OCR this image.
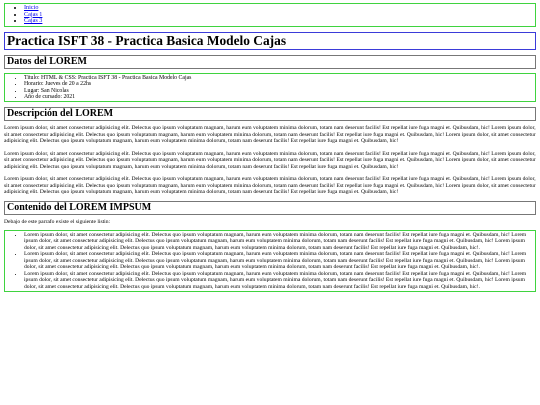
• Inicio
• Cajas 1
• Cajas 3
Practica ISFT 38 - Practica Basica Modelo Cajas
Datos del LOREM
• Titulo: HTML & CSS: Practica ISFT 38 - Practica Basica Modelo Cajas
• Horario: Jueves de 20 a 22hs
• Lugar: San Nicolas
• Año de cursado: 2021
Descripción del LOREM

Lorem ipsum dolor, sit amet consectetur adipisicing elit. Delectus quo ipsum voluptatum magnam, harum eum voluptatem minima dolorum, totam nam deserunt facilis! Est repellat iure fuga magni et. Quibusdam, hic! Lorem ipsum dolor, sit amet consectetur adipisicing elit. Delectus quo ipsum voluptatum magnam, harum eum voluptatem minima dolorum, totam nam deserunt facilis! Est repellat iure fuga magni et. Quibusdam, hic! Lorem ipsum dolor, sit amet consectetur adipisicing elit. Delectus quo ipsum voluptatum magnam, harum eum voluptatem minima dolorum, totam nam deserunt facilis! Est repellat iure fuga magni et. Quibusdam, hic!

Lorem ipsum dolor, sit amet consectetur adipisicing elit. Delectus quo ipsum voluptatum magnam, harum eum voluptatem minima dolorum, totam nam deserunt facilis! Est repellat iure fuga magni et. Quibusdam, hic! Lorem ipsum dolor, sit amet consectetur adipisicing elit. Delectus quo ipsum voluptatum magnam, harum eum voluptatem minima dolorum, totam nam deserunt facilis! Est repellat iure fuga magni et. Quibusdam, hic! Lorem ipsum dolor, sit amet consectetur adipisicing elit. Delectus quo ipsum voluptatum magnam, harum eum voluptatem minima dolorum, totam nam deserunt facilis! Est repellat iure fuga magni et. Quibusdam, hic!

Lorem ipsum dolor, sit amet consectetur adipisicing elit. Delectus quo ipsum voluptatum magnam, harum eum voluptatem minima dolorum, totam nam deserunt facilis! Est repellat iure fuga magni et. Quibusdam, hic! Lorem ipsum dolor, sit amet consectetur adipisicing elit. Delectus quo ipsum voluptatum magnam, harum eum voluptatem minima dolorum, totam nam deserunt facilis! Est repellat iure fuga magni et. Quibusdam, hic! Lorem ipsum dolor, sit amet consectetur adipisicing elit. Delectus quo ipsum voluptatum magnam, harum eum voluptatem minima dolorum, totam nam deserunt facilis! Est repellat iure fuga magni et. Quibusdam, hic!

Contenido del LOREM IMPSUM

Debajo de este parrafo existe el siguiente listin:

• Lorem ipsum dolor, sit amet consectetur adipisicing elit. Delectus quo ipsum voluptatum magnam, harum eum voluptatem minima dolorum, totam nam deserunt facilis! Est repellat iure fuga magni et. Quibusdam, hic! Lorem ipsum dolor, sit amet consectetur adipisicing elit. Delectus quo ipsum voluptatum magnam, harum eum voluptatem minima dolorum, totam nam deserunt facilis! Est repellat iure fuga magni et. Quibusdam, hic! Lorem ipsum dolor, sit amet consectetur adipisicing elit. Delectus quo ipsum voluptatum magnam, harum eum voluptatem minima dolorum, totam nam deserunt facilis! Est repellat iure fuga magni et. Quibusdam, hic!.
• Lorem ipsum dolor, sit amet consectetur adipisicing elit. Delectus quo ipsum voluptatum magnam, harum eum voluptatem minima dolorum, totam nam deserunt facilis! Est repellat iure fuga magni et. Quibusdam, hic! Lorem ipsum dolor, sit amet consectetur adipisicing elit. Delectus quo ipsum voluptatum magnam, harum eum voluptatem minima dolorum, totam nam deserunt facilis! Est repellat iure fuga magni et. Quibusdam, hic! Lorem ipsum dolor, sit amet consectetur adipisicing elit. Delectus quo ipsum voluptatum magnam, harum eum voluptatem minima dolorum, totam nam deserunt facilis! Est repellat iure fuga magni et. Quibusdam, hic!.
• Lorem ipsum dolor, sit amet consectetur adipisicing elit. Delectus quo ipsum voluptatum magnam, harum eum voluptatem minima dolorum, totam nam deserunt facilis! Est repellat iure fuga magni et. Quibusdam, hic! Lorem ipsum dolor, sit amet consectetur adipisicing elit. Delectus quo ipsum voluptatum magnam, harum eum voluptatem minima dolorum, totam nam deserunt facilis! Est repellat iure fuga magni et. Quibusdam, hic! Lorem ipsum dolor, sit amet consectetur adipisicing elit. Delectus quo ipsum voluptatum magnam, harum eum voluptatem minima dolorum, totam nam deserunt facilis! Est repellat iure fuga magni et. Quibusdam, hic!.
